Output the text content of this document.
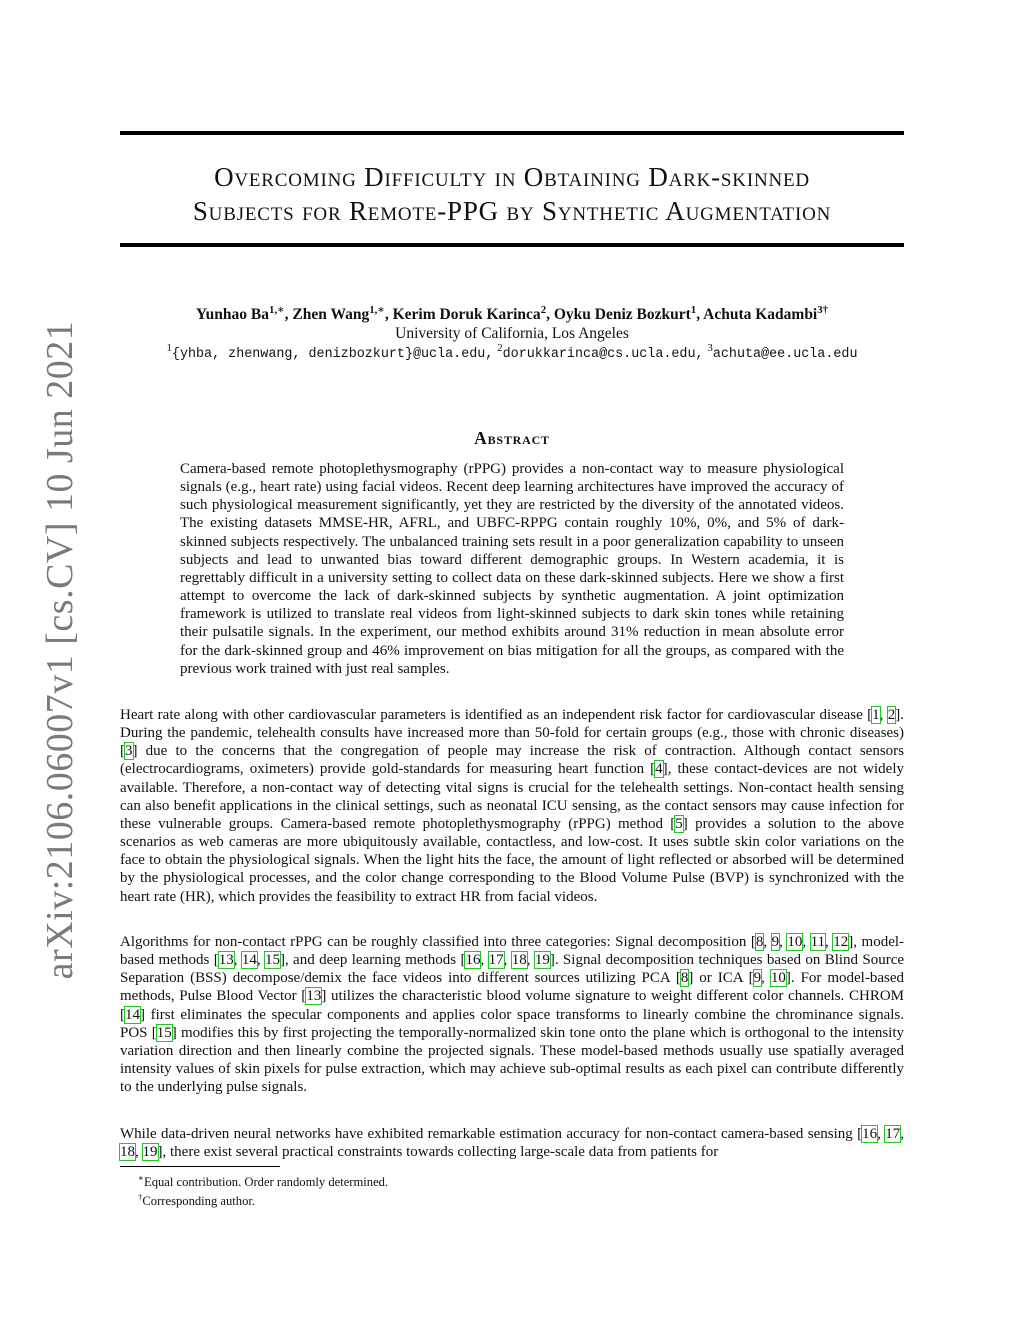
arXiv:2106.06007v1 [cs.CV] 10 Jun 2021
Overcoming Difficulty in Obtaining Dark-skinned
Subjects for Remote-PPG by Synthetic Augmentation
Yunhao $Ba^{1,∗}$, Zhen Wang$^{1,∗}$, Kerim Doruk Karinca$^2$, Oyku Deniz Bozkurt$^1$, Achuta Kadambi$^{3\dagger}$
University of California, Los Angeles
$^1${yhba, zhenwang, denizbozkurt}@ucla.edu, $^2$dorukkarinca@cs.ucla.edu, $^3$achuta@ee.ucla.edu
Abstract

Camera-based remote photoplethysmography (rPPG) provides a non-contact way to measure physiological signals (e.g., heart rate) using facial videos. Recent deep learning architectures have improved the accuracy of such physiological measurement significantly, yet they are restricted by the diversity of the annotated videos. The existing datasets MMSE-HR, AFRL, and UBFC-RPPG contain roughly 10%, 0%, and 5% of dark-skinned subjects respectively. The unbalanced training sets result in a poor generalization capability to unseen subjects and lead to unwanted bias toward different demographic groups. In Western academia, it is regrettably difficult in a university setting to collect data on these dark-skinned subjects. Here we show a first attempt to overcome the lack of dark-skinned subjects by synthetic augmentation. A joint optimization framework is utilized to translate real videos from light-skinned subjects to dark skin tones while retaining their pulsatile signals. In the experiment, our method exhibits around 31% reduction in mean absolute error for the dark-skinned group and 46% improvement on bias mitigation for all the groups, as compared with the previous work trained with just real samples.

Heart rate along with other cardiovascular parameters is identified as an independent risk factor for cardiovascular disease [1, 2]. During the pandemic, telehealth consults have increased more than 50-fold for certain groups (e.g., those with chronic diseases) [3] due to the concerns that the congregation of people may increase the risk of contraction. Although contact sensors (electrocardiograms, oximeters) provide gold-standards for measuring heart function [4], these contact-devices are not widely available. Therefore, a non-contact way of detecting vital signs is crucial for the telehealth settings. Non-contact health sensing can also benefit applications in the clinical settings, such as neonatal ICU sensing, as the contact sensors may cause infection for these vulnerable groups. Camera-based remote photoplethysmography (rPPG) method [5] provides a solution to the above scenarios as web cameras are more ubiquitously available, contactless, and low-cost. It uses subtle skin color variations on the face to obtain the physiological signals. When the light hits the face, the amount of light reflected or absorbed will be determined by the physiological processes, and the color change corresponding to the Blood Volume Pulse (BVP) is synchronized with the heart rate (HR), which provides the feasibility to extract HR from facial videos.

Algorithms for non-contact rPPG can be roughly classified into three categories: Signal decomposition [8, 9, 10, 11, 12], model-based methods [13, 14, 15], and deep learning methods [16, 17, 18, 19]. Signal decomposition techniques based on Blind Source Separation (BSS) decompose/demix the face videos into different sources utilizing PCA [8] or ICA [9, 10]. For model-based methods, Pulse Blood Vector [13] utilizes the characteristic blood volume signature to weight different color channels. CHROM [14] first eliminates the specular components and applies color space transforms to linearly combine the chrominance signals. POS [15] modifies this by first projecting the temporally-normalized skin tone onto the plane which is orthogonal to the intensity variation direction and then linearly combine the projected signals. These model-based methods usually use spatially averaged intensity values of skin pixels for pulse extraction, which may achieve sub-optimal results as each pixel can contribute differently to the underlying pulse signals.

While data-driven neural networks have exhibited remarkable estimation accuracy for non-contact camera-based sensing [16, 17, 18, 19], there exist several practical constraints towards collecting large-scale data from patients for

∗Equal contribution. Order randomly determined.

†Corresponding author.
